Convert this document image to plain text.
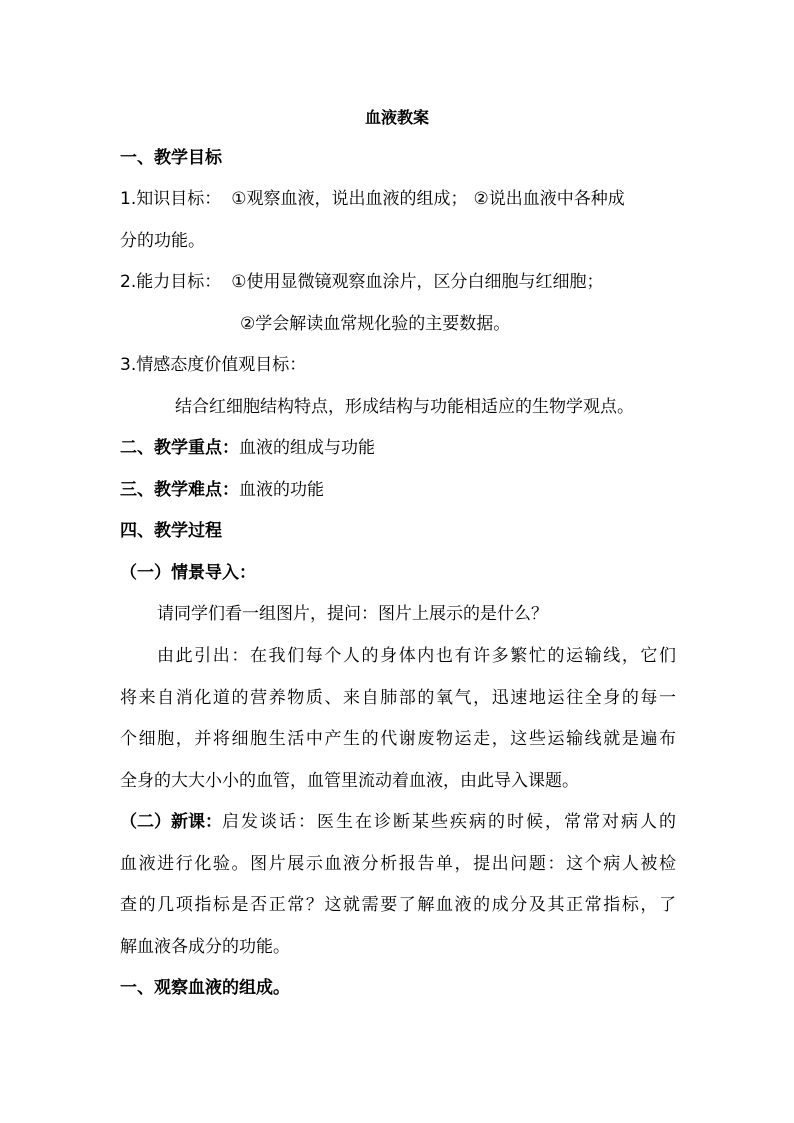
血液教案
一、教学目标
1.知识目标： ①观察血液，说出血液的组成； ②说出血液中各种成
分的功能。
2.能力目标： ①使用显微镜观察血涂片，区分白细胞与红细胞；
②学会解读血常规化验的主要数据。
3.情感态度价值观目标：
结合红细胞结构特点，形成结构与功能相适应的生物学观点。
二、教学重点：血液的组成与功能
三、教学难点：血液的功能
四、教学过程
（一）情景导入：
请同学们看一组图片，提问：图片上展示的是什么？
由此引出：在我们每个人的身体内也有许多繁忙的运输线，它们
将来自消化道的营养物质、来自肺部的氧气，迅速地运往全身的每一
个细胞，并将细胞生活中产生的代谢废物运走，这些运输线就是遍布
全身的大大小小的血管，血管里流动着血液，由此导入课题。
（二）新课： 启发谈话：医生在诊断某些疾病的时候，常常对病人的
血液进行化验。图片展示血液分析报告单，提出问题：这个病人被检
查的几项指标是否正常？这就需要了解血液的成分及其正常指标，了
解血液各成分的功能。
一、观察血液的组成。
